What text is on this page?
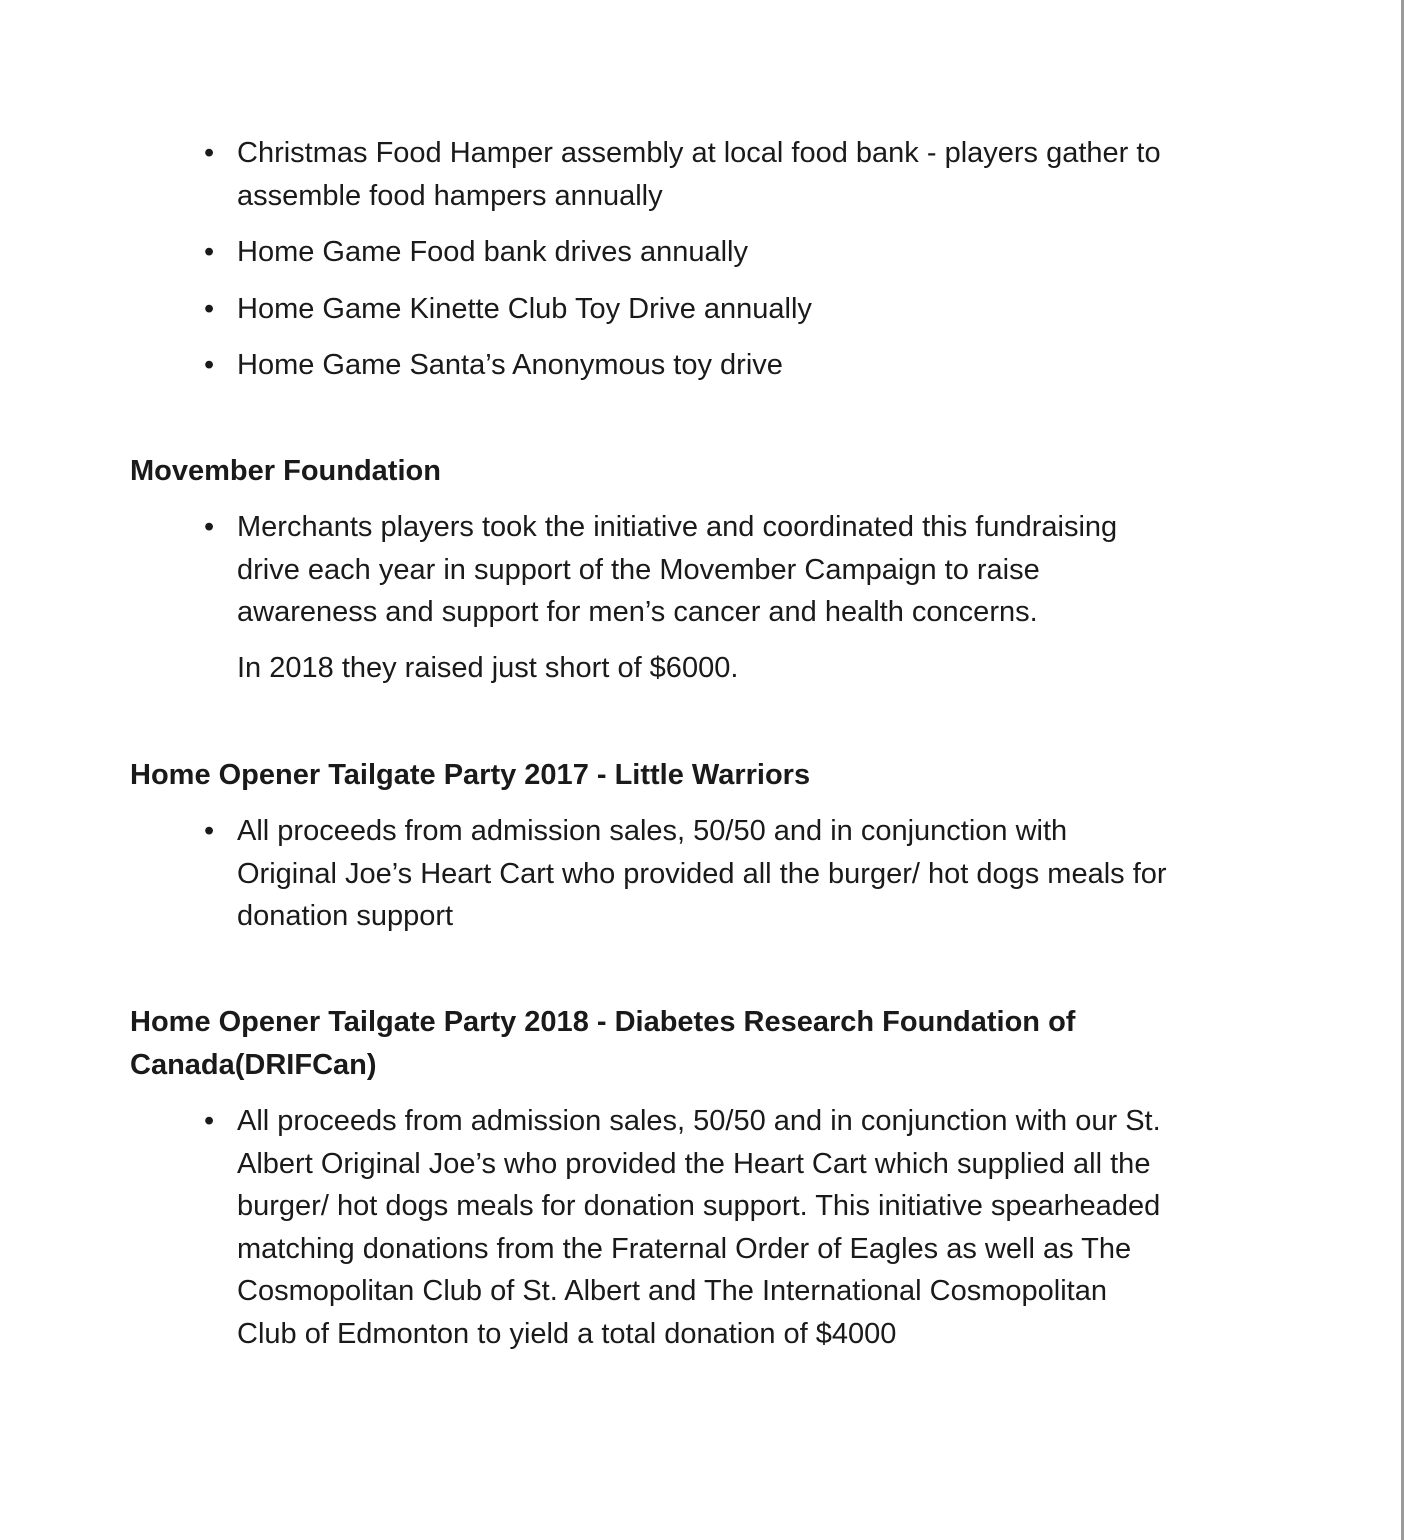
• Christmas Food Hamper assembly at local food bank - players gather to
assemble food hampers annually
• Home Game Food bank drives annually
• Home Game Kinette Club Toy Drive annually
• Home Game Santa’s Anonymous toy drive
Movember Foundation
• Merchants players took the initiative and coordinated this fundraising
drive each year in support of the Movember Campaign to raise
awareness and support for men’s cancer and health concerns.

In 2018 they raised just short of $6000.

Home Opener Tailgate Party 2017 - Little Warriors
• All proceeds from admission sales, 50/50 and in conjunction with
Original Joe’s Heart Cart who provided all the burger/ hot dogs meals for
donation support
Home Opener Tailgate Party 2018 - Diabetes Research Foundation of
Canada(DRIFCan)
• All proceeds from admission sales, 50/50 and in conjunction with our St.
Albert Original Joe’s who provided the Heart Cart which supplied all the
burger/ hot dogs meals for donation support. This initiative spearheaded
matching donations from the Fraternal Order of Eagles as well as The
Cosmopolitan Club of St. Albert and The International Cosmopolitan
Club of Edmonton to yield a total donation of $4000
